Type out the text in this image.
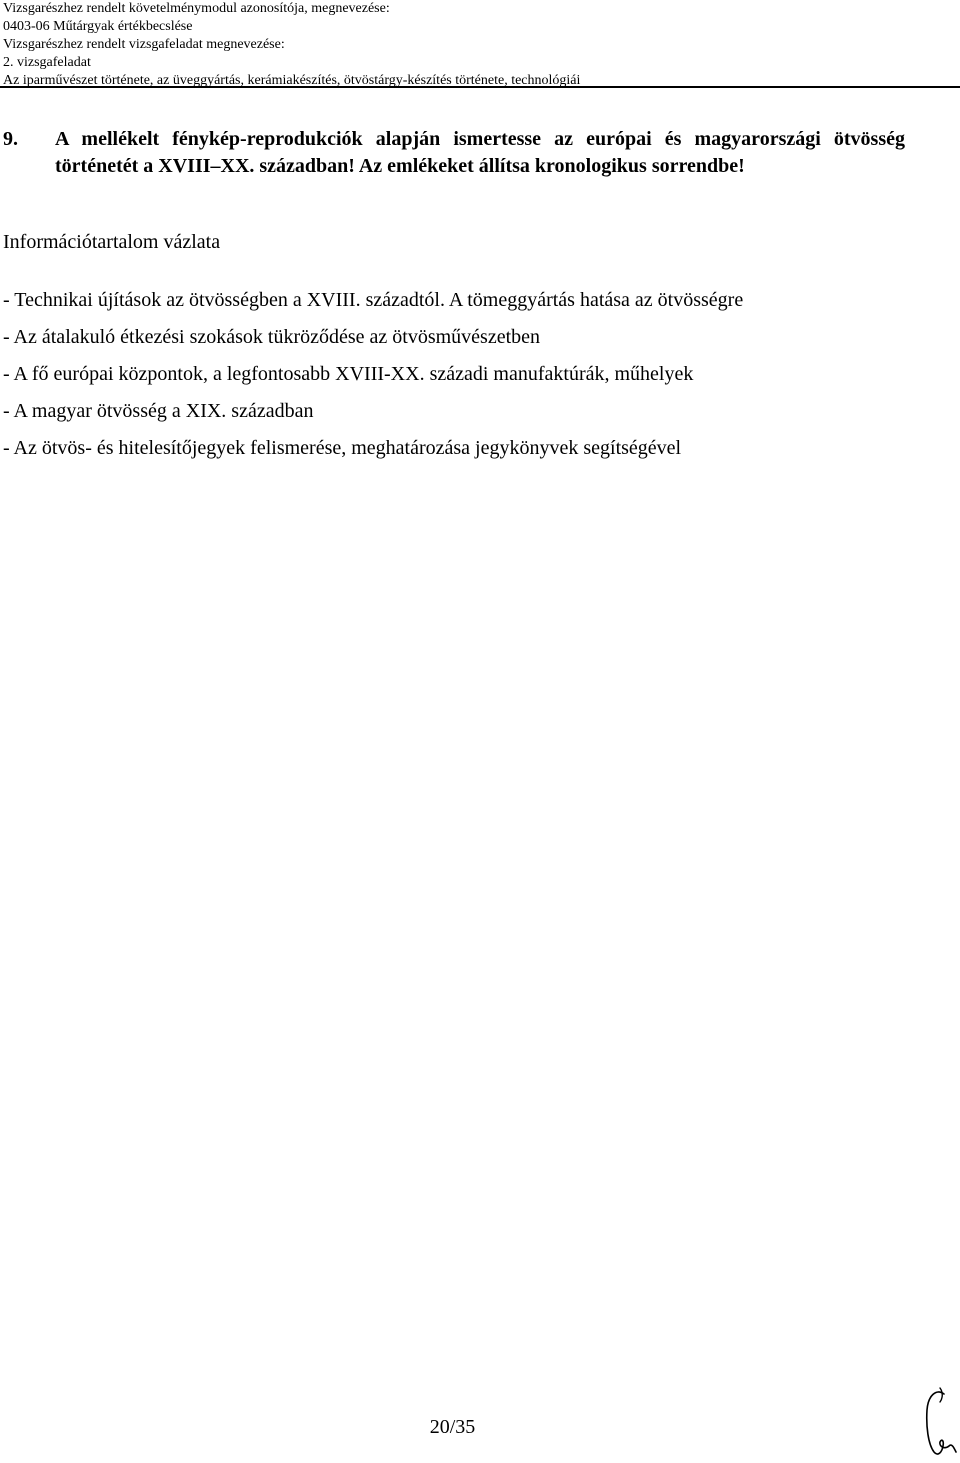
Vizsgarészhez rendelt követelménymodul azonosítója, megnevezése:
0403-06 Műtárgyak értékbecslése
Vizsgarészhez rendelt vizsgafeladat megnevezése:
2. vizsgafeladat
Az iparművészet története, az üveggyártás, kerámiakészítés, ötvöstárgy-készítés története, technológiái
9.	A mellékelt fénykép-reprodukciók alapján ismertesse az európai és magyarországi ötvösség történetét a XVIII–XX. században! Az emlékeket állítsa kronologikus sorrendbe!
Információtartalom vázlata
- Technikai újítások az ötvösségben a XVIII. századtól. A tömeggyártás hatása az ötvösségre
- Az átalakuló étkezési szokások tükröződése az ötvösművészetben
- A fő európai központok, a legfontosabb XVIII-XX. századi manufaktúrák, műhelyek
- A magyar ötvösség a XIX. században
- Az ötvös- és hitelesítőjegyek felismerése, meghatározása jegykönyvek segítségével
20/35
